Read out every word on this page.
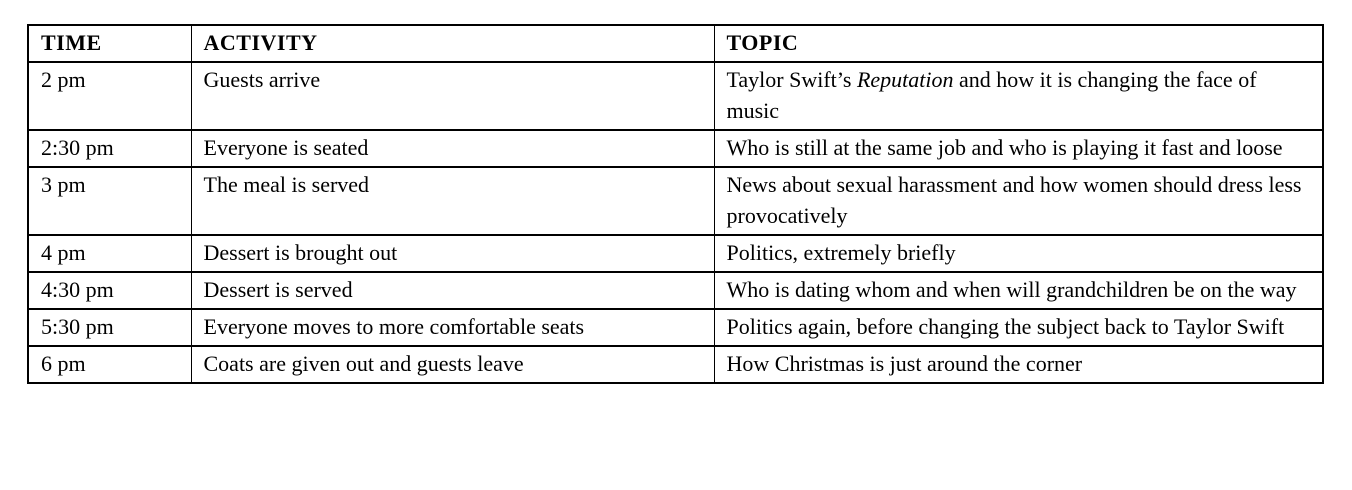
TIME	ACTIVITY	TOPIC
2 pm	Guests arrive	Taylor Swift’s Reputation and how it is changing the face of music
2:30 pm	Everyone is seated	Who is still at the same job and who is playing it fast and loose
3 pm	The meal is served	News about sexual harassment and how women should dress less provocatively
4 pm	Dessert is brought out	Politics, extremely briefly
4:30 pm	Dessert is served	Who is dating whom and when will grandchildren be on the way
5:30 pm	Everyone moves to more comfortable seats	Politics again, before changing the subject back to Taylor Swift
6 pm	Coats are given out and guests leave	How Christmas is just around the corner
